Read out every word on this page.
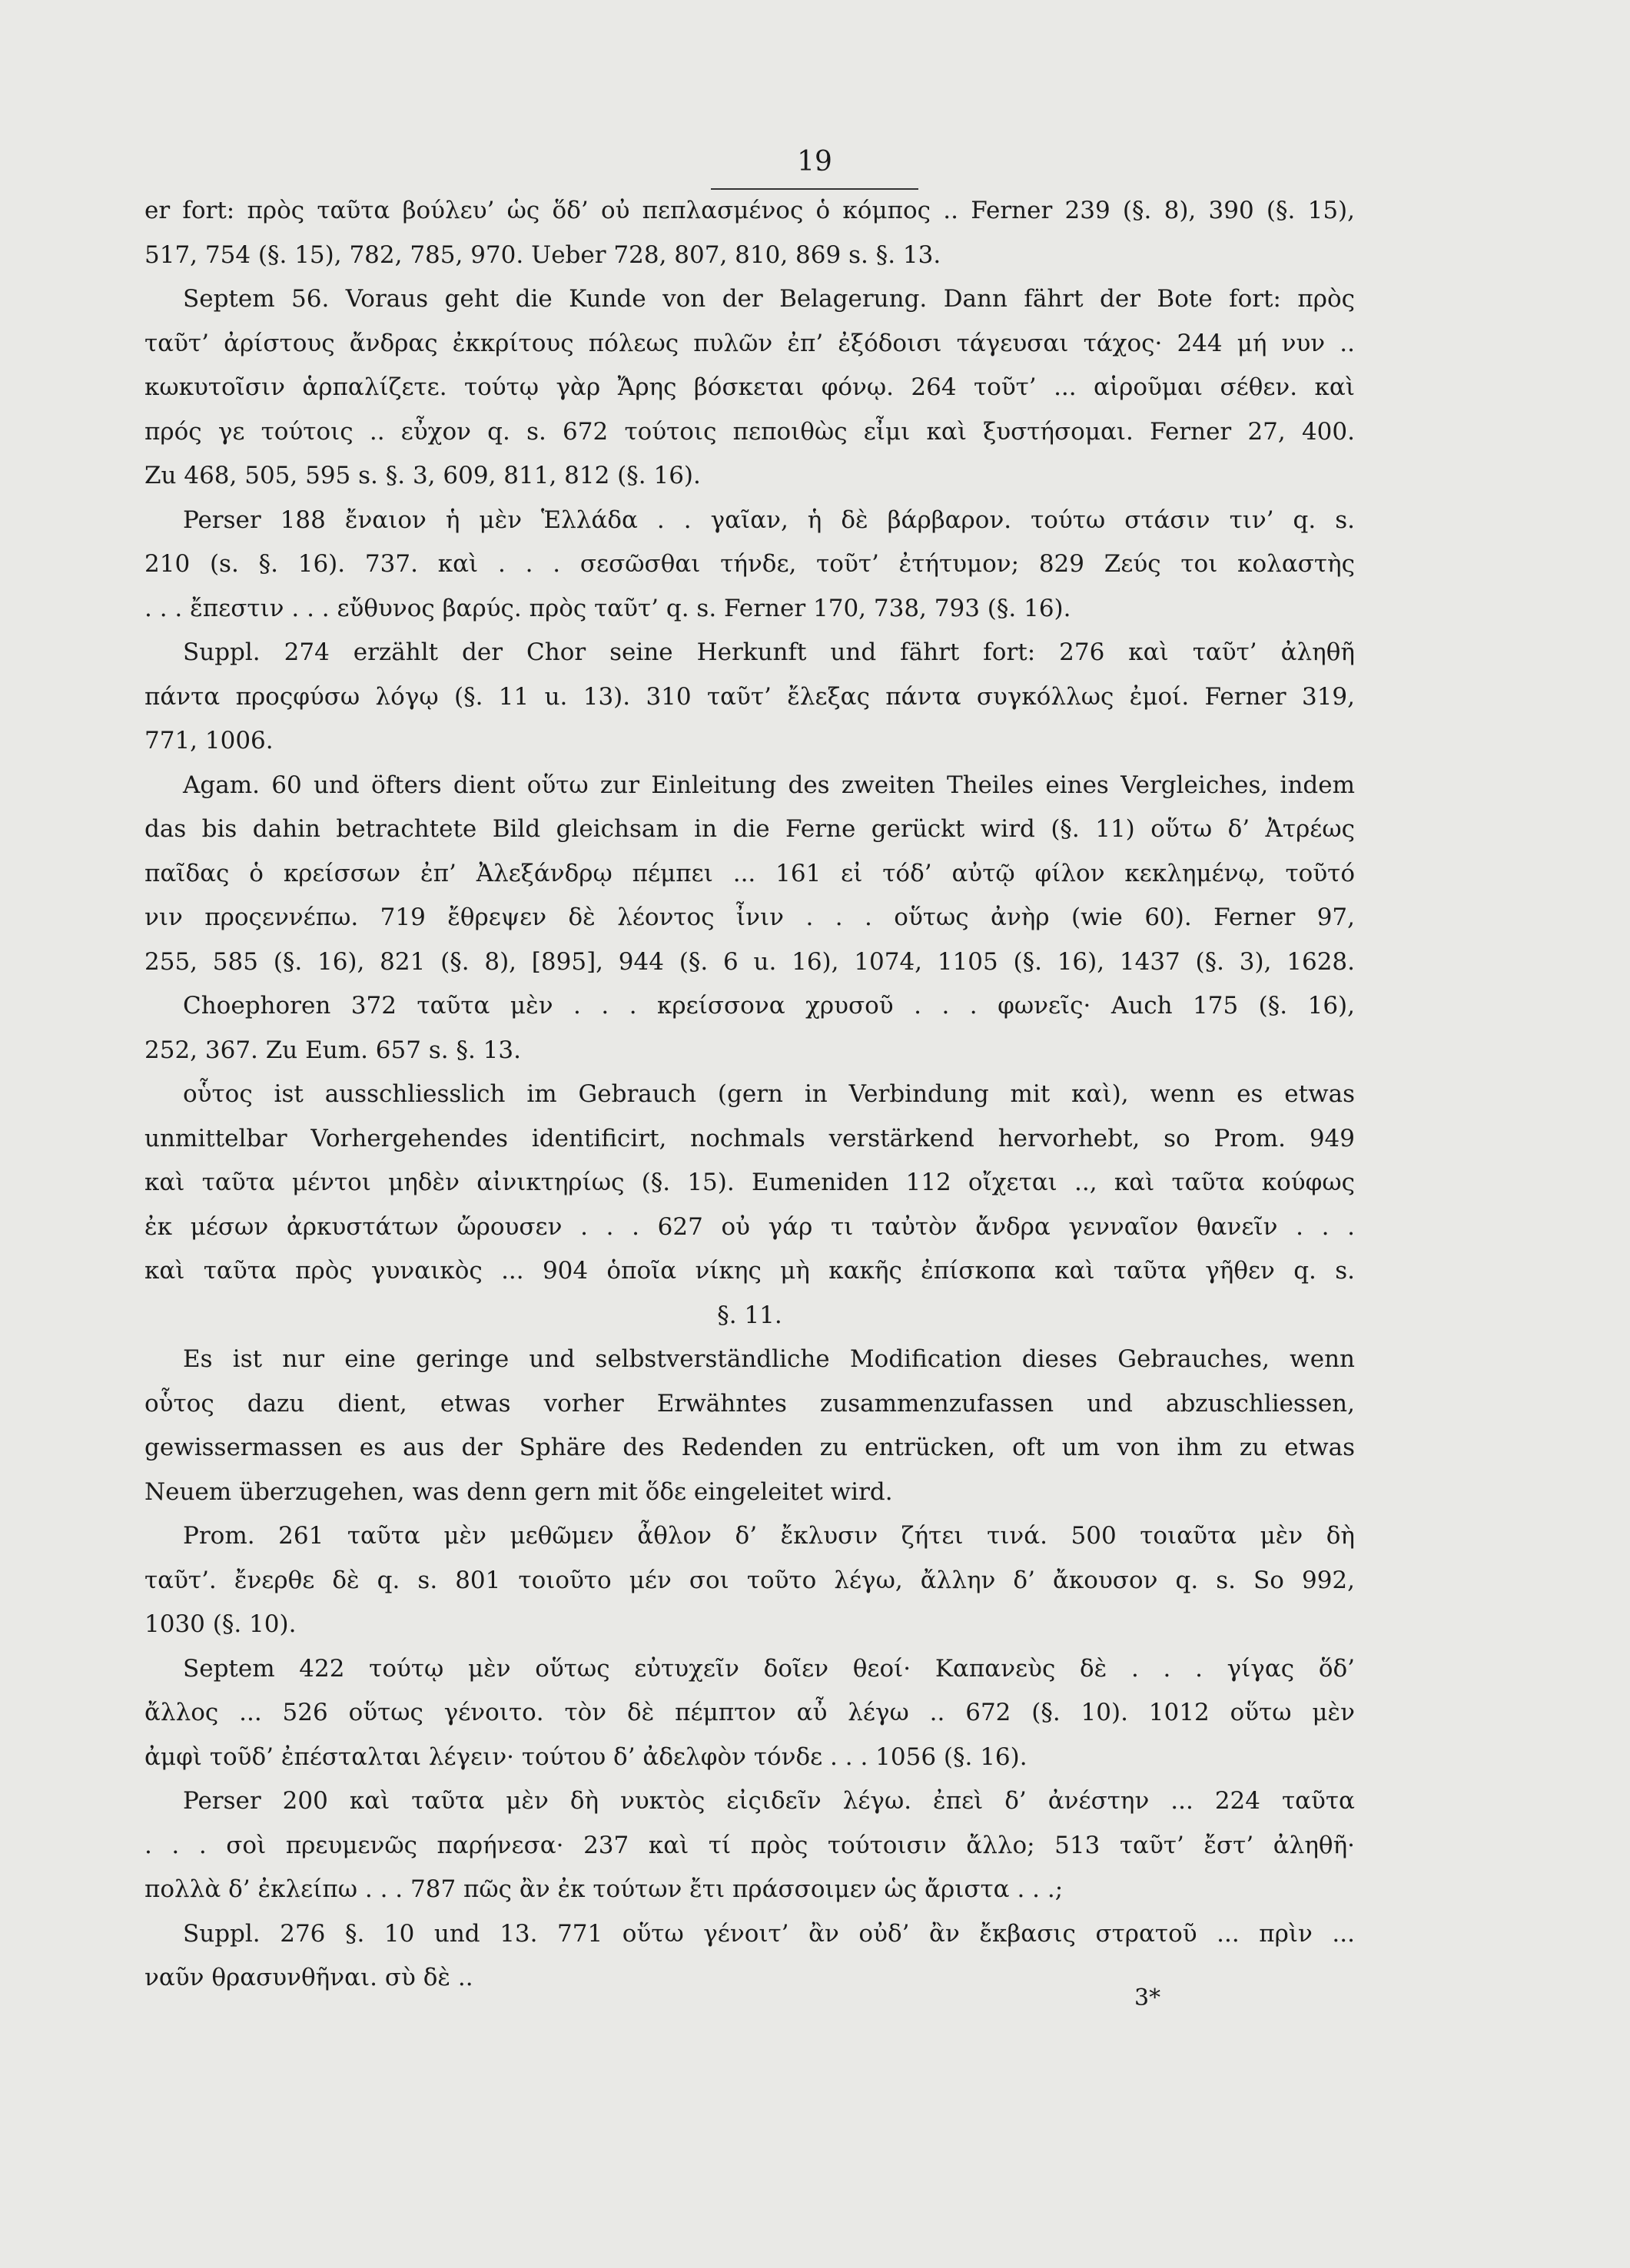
19
er fort: πρὸς ταῦτα βούλευ’ ὡς ὅδ’ οὐ πεπλασμένος ὁ κόμπος .. Ferner 239 (§. 8), 390 (§. 15),
517, 754 (§. 15), 782, 785, 970. Ueber 728, 807, 810, 869 s. §. 13.
Septem 56. Voraus geht die Kunde von der Belagerung. Dann fährt der Bote fort: πρὸς
ταῦτ’ ἀρίστους ἄνδρας ἐκκρίτους πόλεως πυλῶν ἐπ’ ἐξόδοισι τάγευσαι τάχος· 244 μή νυν ..
κωκυτοῖσιν ἁρπαλίζετε. τούτῳ γὰρ Ἄρης βόσκεται φόνῳ. 264 τοῦτ’ ... αἱροῦμαι σέθεν. καὶ
πρός γε τούτοις .. εὖχον q. s. 672 τούτοις πεποιθὼς εἶμι καὶ ξυστήσομαι. Ferner 27, 400.
Zu 468, 505, 595 s. §. 3, 609, 811, 812 (§. 16).
Perser 188 ἔναιον ἡ μὲν Ἑλλάδα . . γαῖαν, ἡ δὲ βάρβαρον. τούτω στάσιν τιν’ q. s.
210 (s. §. 16). 737. καὶ . . . σεσῶσθαι τήνδε, τοῦτ’ ἐτήτυμον; 829 Ζεύς τοι κολαστὴς
. . . ἔπεστιν . . . εὔθυνος βαρύς. πρὸς ταῦτ’ q. s. Ferner 170, 738, 793 (§. 16).
Suppl. 274 erzählt der Chor seine Herkunft und fährt fort: 276 καὶ ταῦτ’ ἀληθῆ
πάντα προςφύσω λόγῳ (§. 11 u. 13). 310 ταῦτ’ ἔλεξας πάντα συγκόλλως ἐμοί. Ferner 319,
771, 1006.
Agam. 60 und öfters dient οὕτω zur Einleitung des zweiten Theiles eines Vergleiches, indem
das bis dahin betrachtete Bild gleichsam in die Ferne gerückt wird (§. 11) οὕτω δ’ Ἀτρέως
παῖδας ὁ κρείσσων ἐπ’ Ἀλεξάνδρῳ πέμπει ... 161 εἰ τόδ’ αὐτῷ φίλον κεκλημένῳ, τοῦτό
νιν προςεννέπω. 719 ἔθρεψεν δὲ λέοντος ἶνιν . . . οὕτως ἀνὴρ (wie 60). Ferner 97,
255, 585 (§. 16), 821 (§. 8), [895], 944 (§. 6 u. 16), 1074, 1105 (§. 16), 1437 (§. 3), 1628.
Choephoren 372 ταῦτα μὲν . . . κρείσσονα χρυσοῦ . . . φωνεῖς· Auch 175 (§. 16),
252, 367. Zu Eum. 657 s. §. 13.
οὗτος ist ausschliesslich im Gebrauch (gern in Verbindung mit καὶ), wenn es etwas
unmittelbar Vorhergehendes identificirt, nochmals verstärkend hervorhebt, so Prom. 949
καὶ ταῦτα μέντοι μηδὲν αἰνικτηρίως (§. 15). Eumeniden 112 οἴχεται .., καὶ ταῦτα κούφως
ἐκ μέσων ἀρκυστάτων ὤρουσεν . . . 627 οὐ γάρ τι ταὐτὸν ἄνδρα γενναῖον θανεῖν . . .
καὶ ταῦτα πρὸς γυναικὸς ... 904 ὁποῖα νίκης μὴ κακῆς ἐπίσκοπα καὶ ταῦτα γῆθεν q. s.
§. 11.
Es ist nur eine geringe und selbstverständliche Modification dieses Gebrauches, wenn
οὗτος dazu dient, etwas vorher Erwähntes zusammenzufassen und abzuschliessen,
gewissermassen es aus der Sphäre des Redenden zu entrücken, oft um von ihm zu etwas
Neuem überzugehen, was denn gern mit ὅδε eingeleitet wird.
Prom. 261 ταῦτα μὲν μεθῶμεν ἆθλον δ’ ἔκλυσιν ζήτει τινά. 500 τοιαῦτα μὲν δὴ
ταῦτ’. ἔνερθε δὲ q. s. 801 τοιοῦτο μέν σοι τοῦτο λέγω, ἄλλην δ’ ἄκουσον q. s. So 992,
1030 (§. 10).
Septem 422 τούτῳ μὲν οὕτως εὐτυχεῖν δοῖεν θεοί· Καπανεὺς δὲ . . . γίγας ὅδ’
ἄλλος ... 526 οὕτως γένοιτο. τὸν δὲ πέμπτον αὖ λέγω .. 672 (§. 10). 1012 οὕτω μὲν
ἀμφὶ τοῦδ’ ἐπέσταλται λέγειν· τούτου δ’ ἀδελφὸν τόνδε . . . 1056 (§. 16).
Perser 200 καὶ ταῦτα μὲν δὴ νυκτὸς εἰςιδεῖν λέγω. ἐπεὶ δ’ ἀνέστην ... 224 ταῦτα
. . . σοὶ πρευμενῶς παρήνεσα· 237 καὶ τί πρὸς τούτοισιν ἄλλο; 513 ταῦτ’ ἔστ’ ἀληθῆ·
πολλὰ δ’ ἐκλείπω . . . 787 πῶς ἂν ἐκ τούτων ἔτι πράσσοιμεν ὡς ἄριστα . . .;
Suppl. 276 §. 10 und 13. 771 οὕτω γένοιτ’ ἂν οὐδ’ ἂν ἔκβασις στρατοῦ ... πρὶν ...
ναῦν θρασυνθῆναι. σὺ δὲ ..
3*
